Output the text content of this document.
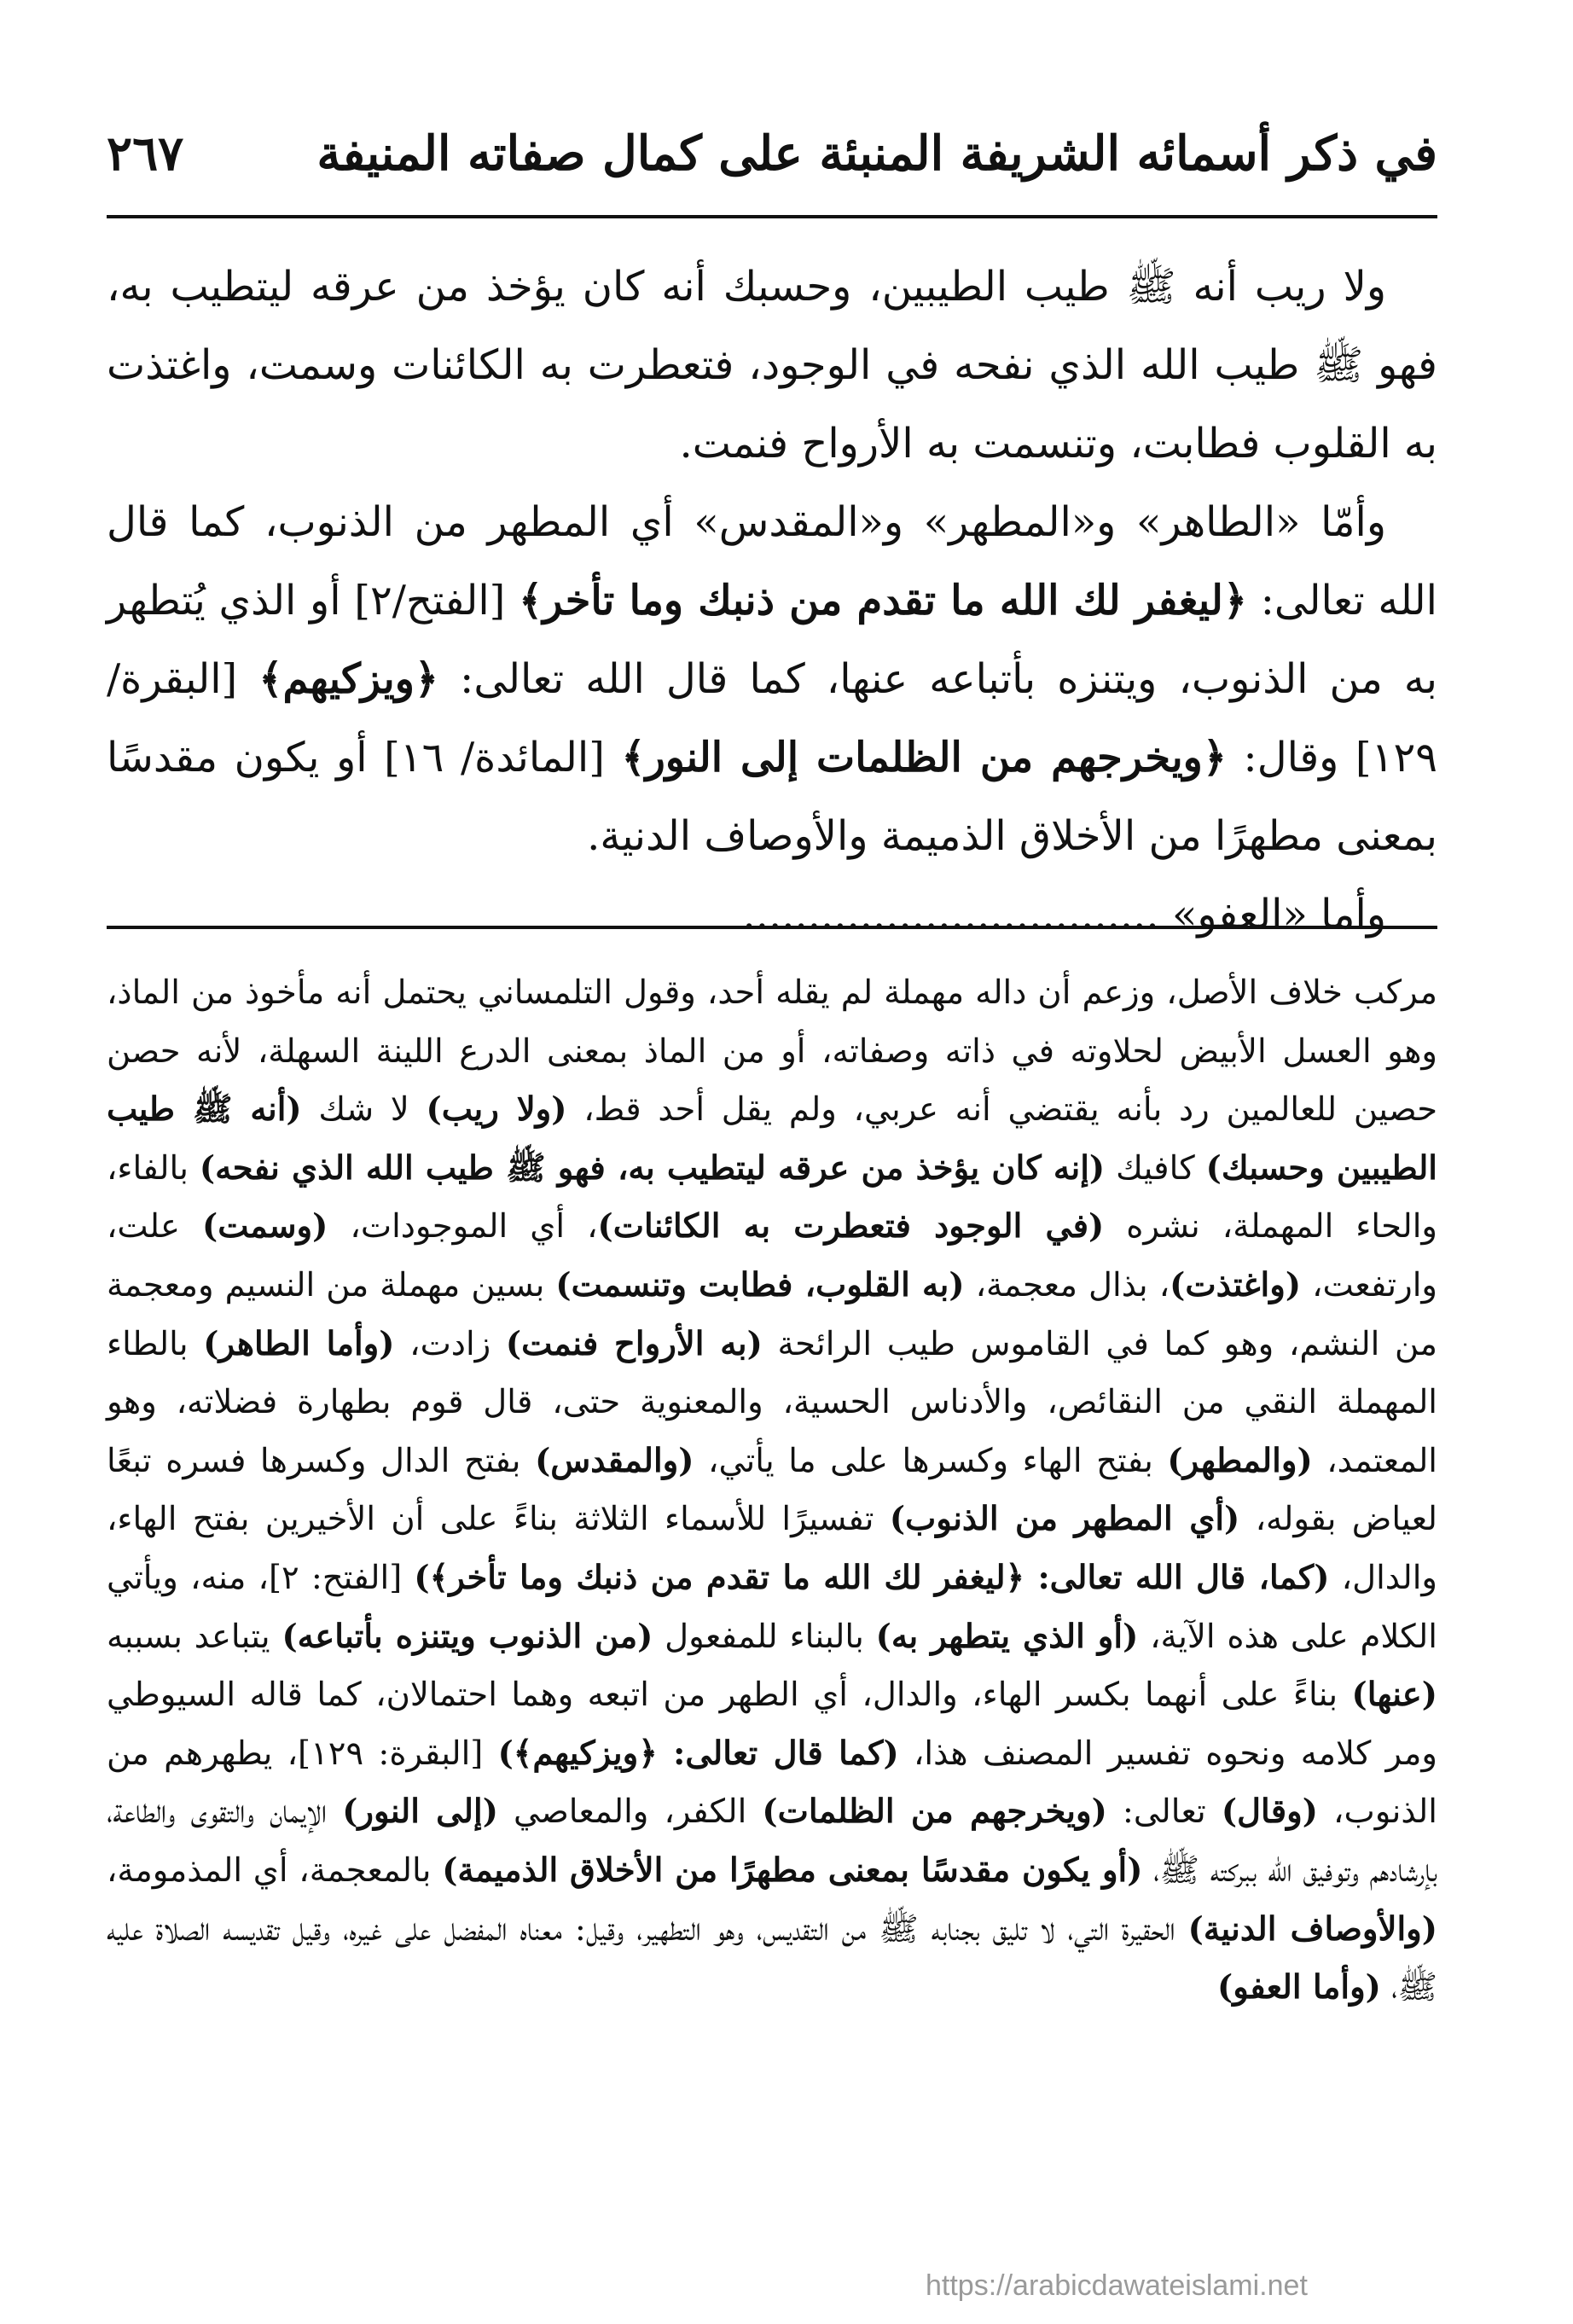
في ذكر أسمائه الشريفة المنبئة على كمال صفاته المنيفة
٢٦٧

ولا ريب أنه ﷺ طيب الطيبين، وحسبك أنه كان يؤخذ من عرقه ليتطيب به، فهو ﷺ طيب الله الذي نفحه في الوجود، فتعطرت به الكائنات وسمت، واغتذت به القلوب فطابت، وتنسمت به الأرواح فنمت.

وأمّا «الطاهر» و«المطهر» و«المقدس» أي المطهر من الذنوب، كما قال الله تعالى: ﴿ليغفر لك الله ما تقدم من ذنبك وما تأخر﴾ [الفتح/٢] أو الذي يُتطهر به من الذنوب، ويتنزه بأتباعه عنها، كما قال الله تعالى: ﴿ويزكيهم﴾ [البقرة/ ١٢٩] وقال: ﴿ويخرجهم من الظلمات إلى النور﴾ [المائدة/ ١٦] أو يكون مقدسًا بمعنى مطهرًا من الأخلاق الذميمة والأوصاف الدنية.

وأما «العفو» ................................

مركب خلاف الأصل، وزعم أن داله مهملة لم يقله أحد، وقول التلمساني يحتمل أنه مأخوذ من الماذ، وهو العسل الأبيض لحلاوته في ذاته وصفاته، أو من الماذ بمعنى الدرع اللينة السهلة، لأنه حصن حصين للعالمين رد بأنه يقتضي أنه عربي، ولم يقل أحد قط، (ولا ريب) لا شك (أنه ﷺ طيب الطيبين وحسبك) كافيك (إنه كان يؤخذ من عرقه ليتطيب به، فهو ﷺ طيب الله الذي نفحه) بالفاء، والحاء المهملة، نشره (في الوجود فتعطرت به الكائنات)، أي الموجودات، (وسمت) علت، وارتفعت، (واغتذت)، بذال معجمة، (به القلوب، فطابت وتنسمت) بسين مهملة من النسيم ومعجمة من النشم، وهو كما في القاموس طيب الرائحة (به الأرواح فنمت) زادت، (وأما الطاهر) بالطاء المهملة النقي من النقائص، والأدناس الحسية، والمعنوية حتى، قال قوم بطهارة فضلاته، وهو المعتمد، (والمطهر) بفتح الهاء وكسرها على ما يأتي، (والمقدس) بفتح الدال وكسرها فسره تبعًا لعياض بقوله، (أي المطهر من الذنوب) تفسيرًا للأسماء الثلاثة بناءً على أن الأخيرين بفتح الهاء، والدال، (كما، قال الله تعالى: ﴿ليغفر لك الله ما تقدم من ذنبك وما تأخر﴾) [الفتح: ٢]، منه، ويأتي الكلام على هذه الآية، (أو الذي يتطهر به) بالبناء للمفعول (من الذنوب ويتنزه بأتباعه) يتباعد بسببه (عنها) بناءً على أنهما بكسر الهاء، والدال، أي الطهر من اتبعه وهما احتمالان، كما قاله السيوطي ومر كلامه ونحوه تفسير المصنف هذا، (كما قال تعالى: ﴿ويزكيهم﴾) [البقرة: ١٢٩]، يطهرهم من الذنوب، (وقال) تعالى: (ويخرجهم من الظلمات) الكفر، والمعاصي (إلى النور) الإيمان والتقوى والطاعة، بإرشادهم وتوفيق الله ببركته ﷺ، (أو يكون مقدسًا بمعنى مطهرًا من الأخلاق الذميمة) بالمعجمة، أي المذمومة، (والأوصاف الدنية) الحقيرة التي، لا تليق بجنابه ﷺ من التقديس، وهو التطهير، وقيل: معناه المفضل على غيره، وقيل تقديسه الصلاة عليه ﷺ، (وأما العفو)

https://arabicdawateislami.net
